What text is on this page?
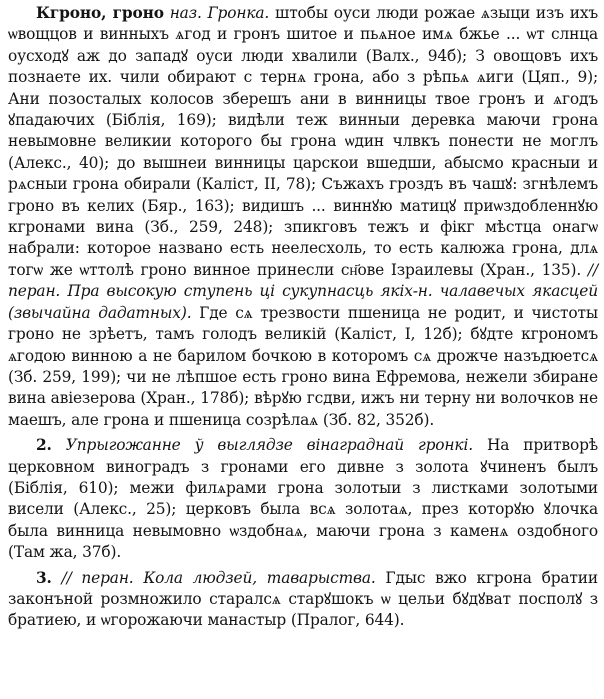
Кгроно, гроно наз. Гронка. штобы оуси люди рожае ѧзыци изъ ихъ ѡвощцов и винныхъ ѧгод и гронъ шитое и пьѧное имѧ бжье ... ѡт слнца оусходꙋ аж до западꙋ оуси люди хвалили (Валх., 94б); З овощовъ ихъ познаете их. чили обирают с тернѧ грона, або з рѣпьѧ ѧиги (Цяп., 9); Ани позосталых колосов зберешъ ани в винницы твое гронъ и ѧгодъ ꙋпадаючих (Біблія, 169); видѣли теж винныи деревка маючи грона невымовне великии которого бы грона ѡдин члвкъ понести не моглъ (Алекс., 40); до вышнеи винницы царскои вшедши, абысмо красныи и рѧсныи грона обирали (Каліст, II, 78); Съжахъ гроздъ въ чашꙋ: згнѣлемъ гроно въ келих (Бяр., 163); видишъ ... виннꙋю матицꙋ приѡздобленнꙋю кгронами вина (Зб., 259, 248); зпикговъ тежъ и фікг мѣстца онагѡ набрали: которое названо есть неелесхоль, то есть калюжа грона, длѧ тогѡ же ѡттолѣ гроно винное принесли сн҃ове Ізраилевы (Хран., 135). // перан. Пра высокую ступень ці сукупнасць якіх-н. чалавечых якасцей (звычайна дадатных). Где сѧ трезвости пшеница не родит, и чистоты гроно не зрѣетъ, тамъ голодъ великій (Каліст, I, 12б); бꙋдте кгрономъ ѧгодою винною а не барилом бочкою в которомъ сѧ дрожче назъдюетсѧ (Зб. 259, 199); чи не лѣпшое есть гроно вина Ефремова, нежели збиране вина авіезерова (Хран., 178б); вѣрꙋю гсдви, ижъ ни терну ни волочков не маешъ, але грона и пшеница созрѣлаѧ (Зб. 82, 352б).

2. Упрыгожанне ў выглядзе вінаграднай гронкі. На притворѣ церковном виноградъ з гронами его дивне з золота ꙋчиненъ былъ (Біблія, 610); межи филѧрами грона золотыи з листками золотыми висели (Алекс., 25); церковъ была всѧ золотаѧ, през которꙋю ꙋлочка была винница невымовно ѡздобнаѧ, маючи грона з каменѧ оздобного (Там жа, 37б).

3. // перан. Кола людзей, таварыства. Гдыс вжо кгрона братии законъной розмножило старалсѧ старꙋшокъ ѡ цельи бꙋдꙋват посполꙋ з братиею, и ѡгорожаючи манастыр (Пралог, 644).
